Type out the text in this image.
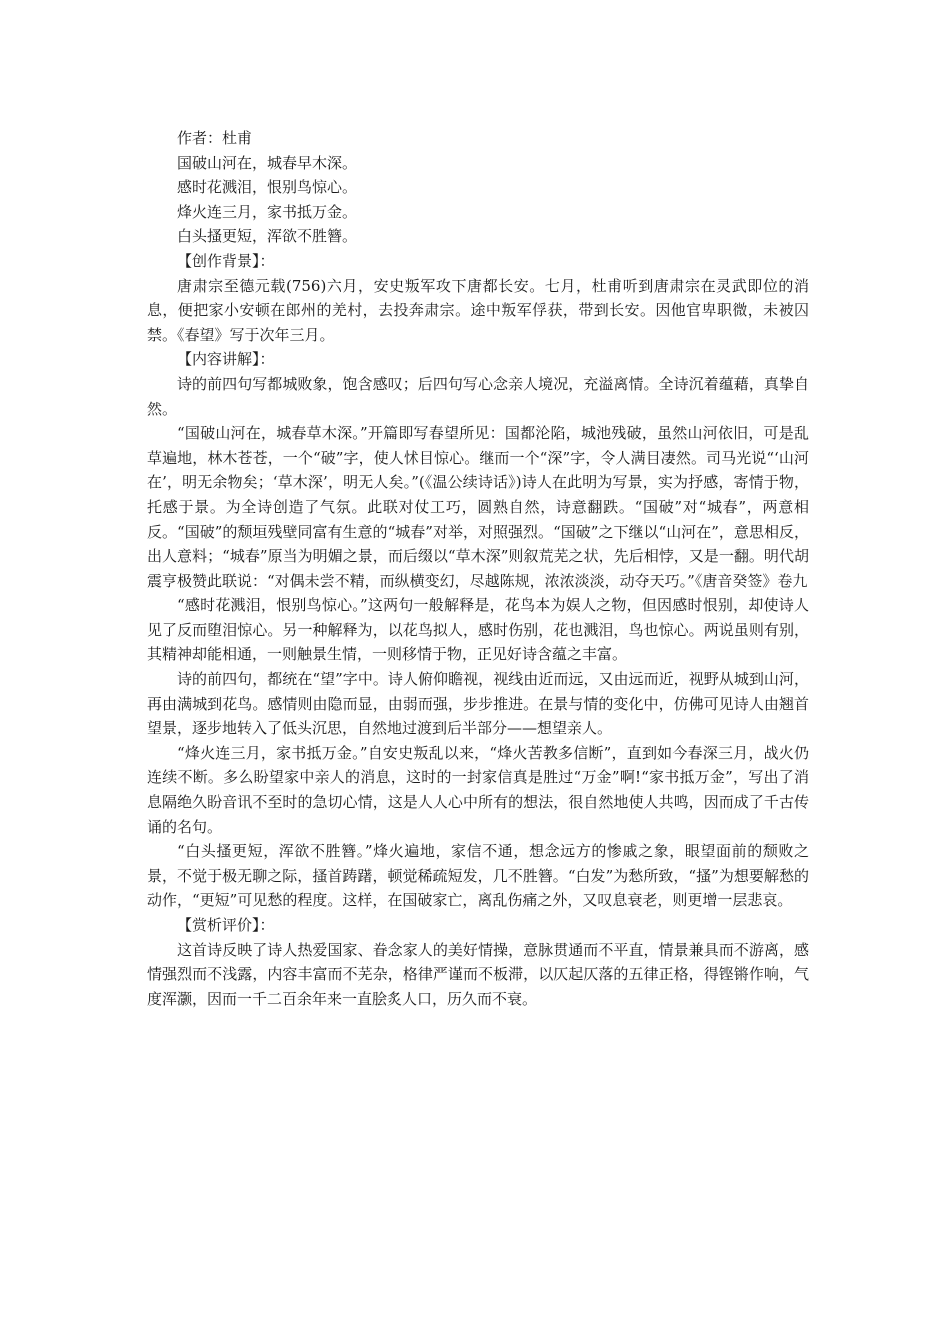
作者：杜甫
国破山河在，城春早木深。
感时花溅泪，恨别鸟惊心。
烽火连三月，家书抵万金。
白头搔更短，浑欲不胜簪。
【创作背景】：

唐肃宗至德元载(756)六月，安史叛军攻下唐都长安。七月，杜甫听到唐肃宗在灵武即位的消息，便把家小安顿在郎州的羌村，去投奔肃宗。途中叛军俘获，带到长安。因他官卑职微，未被囚禁。《春望》写于次年三月。

【内容讲解】：

诗的前四句写都城败象，饱含感叹；后四句写心念亲人境况，充溢离情。全诗沉着蕴藉，真挚自然。

“国破山河在，城春草木深。”开篇即写春望所见：国都沦陷，城池残破，虽然山河依旧，可是乱草遍地，林木苍苍，一个“破”字，使人怵目惊心。继而一个“深”字，令人满目凄然。司马光说“‘山河在’，明无余物矣；‘草木深’，明无人矣。”(《温公续诗话》)诗人在此明为写景，实为抒感，寄情于物，托感于景。为全诗创造了气氛。此联对仗工巧，圆熟自然，诗意翻跌。“国破”对“城春”，两意相反。“国破”的颓垣残壁同富有生意的“城春”对举，对照强烈。“国破”之下继以“山河在”，意思相反，出人意料；“城春”原当为明媚之景，而后缀以“草木深”则叙荒芜之状，先后相悖，又是一翻。明代胡震亨极赞此联说：“对偶未尝不精，而纵横变幻，尽越陈规，浓浓淡淡，动夺天巧。”《唐音癸签》卷九

“感时花溅泪，恨别鸟惊心。”这两句一般解释是，花鸟本为娱人之物，但因感时恨别，却使诗人见了反而堕泪惊心。另一种解释为，以花鸟拟人，感时伤别，花也溅泪，鸟也惊心。两说虽则有别，其精神却能相通，一则触景生情，一则移情于物，正见好诗含蕴之丰富。

诗的前四句，都统在“望”字中。诗人俯仰瞻视，视线由近而远，又由远而近，视野从城到山河，再由满城到花鸟。感情则由隐而显，由弱而强，步步推进。在景与情的变化中，仿佛可见诗人由翘首望景，逐步地转入了低头沉思，自然地过渡到后半部分——想望亲人。

“烽火连三月，家书抵万金。”自安史叛乱以来，“烽火苦教多信断”，直到如今春深三月，战火仍连续不断。多么盼望家中亲人的消息，这时的一封家信真是胜过“万金”啊!“家书抵万金”，写出了消息隔绝久盼音讯不至时的急切心情，这是人人心中所有的想法，很自然地使人共鸣，因而成了千古传诵的名句。

“白头搔更短，浑欲不胜簪。”烽火遍地，家信不通，想念远方的惨戚之象，眼望面前的颓败之景，不觉于极无聊之际，搔首踌躇，顿觉稀疏短发，几不胜簪。“白发”为愁所致，“搔”为想要解愁的动作，“更短”可见愁的程度。这样，在国破家亡，离乱伤痛之外，又叹息衰老，则更增一层悲哀。

【赏析评价】：

这首诗反映了诗人热爱国家、眷念家人的美好情操，意脉贯通而不平直，情景兼具而不游离，感情强烈而不浅露，内容丰富而不芜杂，格律严谨而不板滞，以仄起仄落的五律正格，得铿锵作响，气度浑灏，因而一千二百余年来一直脍炙人口，历久而不衰。
